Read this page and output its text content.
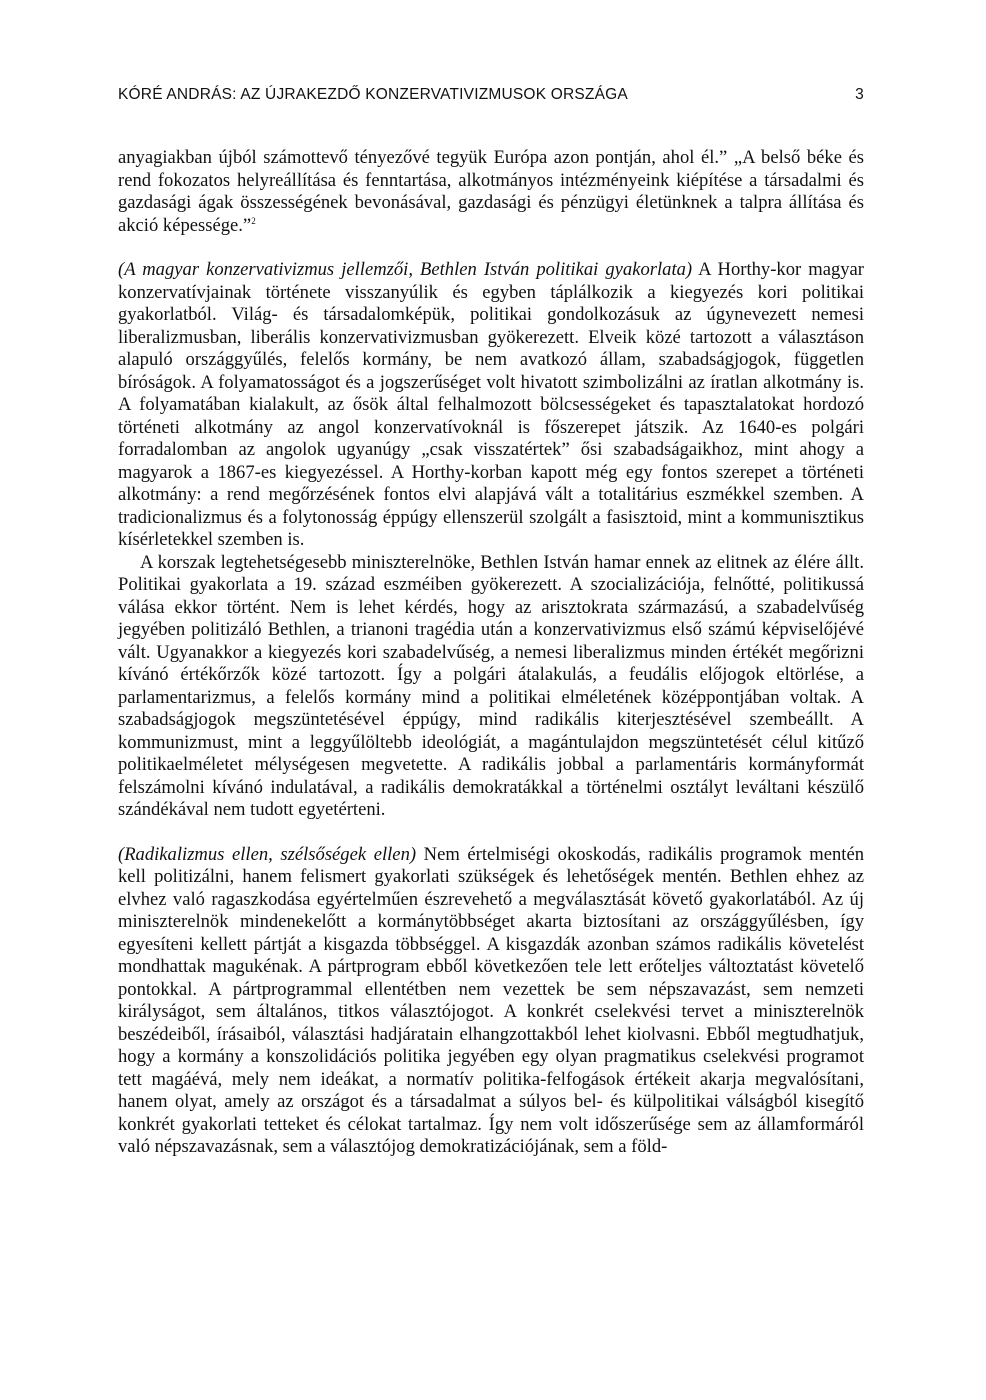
KÓRÉ ANDRÁS: AZ ÚJRAKEZDŐ KONZERVATIVIZMUSOK ORSZÁGA	3

anyagiakban újból számottevő tényezővé tegyük Európa azon pontján, ahol él.” „A belső béke és rend fokozatos helyreállítása és fenntartása, alkotmányos intézményeink kiépítése a társadalmi és gazdasági ágak összességének bevonásával, gazdasági és pénzügyi életünknek a talpra állítása és akció képessége.”$^2$

(A magyar konzervativizmus jellemzői, Bethlen István politikai gyakorlata) A Horthy-kor magyar konzervatívjainak története visszanyúlik és egyben táplálkozik a kiegyezés kori politikai gyakorlatból. Világ- és társadalomképük, politikai gondolkozásuk az úgynevezett nemesi liberalizmusban, liberális konzervativizmusban gyökerezett. Elveik közé tartozott a választáson alapuló országgyűlés, felelős kormány, be nem avatkozó állam, szabadságjogok, független bíróságok. A folyamatosságot és a jogszerűséget volt hivatott szimbolizálni az íratlan alkotmány is. A folyamatában kialakult, az ősök által felhalmozott bölcsességeket és tapasztalatokat hordozó történeti alkotmány az angol konzervatívoknál is főszerepet játszik. Az 1640-es polgári forradalomban az angolok ugyanúgy „csak visszatértek” ősi szabadságaikhoz, mint ahogy a magyarok a 1867-es kiegyezéssel. A Horthy-korban kapott még egy fontos szerepet a történeti alkotmány: a rend megőrzésének fontos elvi alapjává vált a totalitárius eszmékkel szemben. A tradicionalizmus és a folytonosság éppúgy ellenszerül szolgált a fasisztoid, mint a kommunisztikus kísérletekkel szemben is.

A korszak legtehetségesebb miniszterelnöke, Bethlen István hamar ennek az elitnek az élére állt. Politikai gyakorlata a 19. század eszméiben gyökerezett. A szocializációja, felnőtté, politikussá válása ekkor történt. Nem is lehet kérdés, hogy az arisztokrata származású, a szabadelvűség jegyében politizáló Bethlen, a trianoni tragédia után a konzervativizmus első számú képviselőjévé vált. Ugyanakkor a kiegyezés kori szabadelvűség, a nemesi liberalizmus minden értékét megőrizni kívánó értékőrzők közé tartozott. Így a polgári átalakulás, a feudális előjogok eltörlése, a parlamentarizmus, a felelős kormány mind a politikai elméletének középpontjában voltak. A szabadságjogok megszüntetésével éppúgy, mind radikális kiterjesztésével szembeállt. A kommunizmust, mint a leggyűlöltebb ideológiát, a magántulajdon megszüntetését célul kitűző politikaelméletet mélységesen megvetette. A radikális jobbal a parlamentáris kormányformát felszámolni kívánó indulatával, a radikális demokratákkal a történelmi osztályt leváltani készülő szándékával nem tudott egyetérteni.

(Radikalizmus ellen, szélsőségek ellen) Nem értelmiségi okoskodás, radikális programok mentén kell politizálni, hanem felismert gyakorlati szükségek és lehetőségek mentén. Bethlen ehhez az elvhez való ragaszkodása egyértelműen észrevehető a megválasztását követő gyakorlatából. Az új miniszterelnök mindenekelőtt a kormánytöbbséget akarta biztosítani az országgyűlésben, így egyesíteni kellett pártját a kisgazda többséggel. A kisgazdák azonban számos radikális követelést mondhattak magukénak. A pártprogram ebből következően tele lett erőteljes változtatást követelő pontokkal. A pártprogrammal ellentétben nem vezettek be sem népszavazást, sem nemzeti királyságot, sem általános, titkos választójogot. A konkrét cselekvési tervet a miniszterelnök beszédeiből, írásaiból, választási hadjáratain elhangzottakból lehet kiolvasni. Ebből megtudhatjuk, hogy a kormány a konszolidációs politika jegyében egy olyan pragmatikus cselekvési programot tett magáévá, mely nem ideákat, a normatív politika-felfogások értékeit akarja megvalósítani, hanem olyat, amely az országot és a társadalmat a súlyos bel- és külpolitikai válságból kisegítő konkrét gyakorlati tetteket és célokat tartalmaz. Így nem volt időszerűsége sem az államformáról való népszavazásnak, sem a választójog demokratizációjának, sem a föld-
